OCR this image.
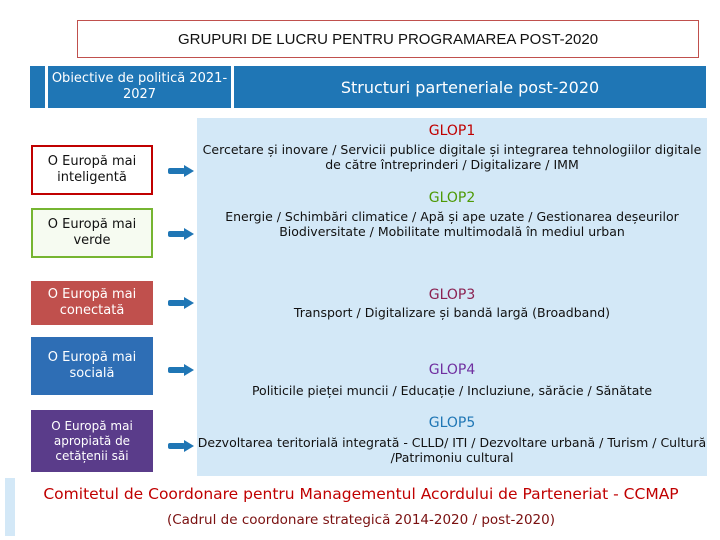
GRUPURI DE LUCRU PENTRU PROGRAMAREA POST-2020
Obiective de politică 2021-2027	Structuri parteneriale post-2020
O Europă mai inteligentă
O Europă mai verde
O Europă mai conectată
O Europă mai socială
O Europă mai apropiată de cetățenii săi
GLOP1
Cercetare și inovare / Servicii publice digitale și integrarea tehnologiilor digitale de către întreprinderi / Digitalizare / IMM
GLOP2
Energie / Schimbări climatice / Apă și ape uzate / Gestionarea deșeurilor Biodiversitate / Mobilitate multimodală în mediul urban
GLOP3
Transport / Digitalizare și bandă largă (Broadband)
GLOP4
Politicile pieței muncii / Educație / Incluziune, sărăcie / Sănătate
GLOP5
Dezvoltarea teritorială integrată - CLLD/ ITI / Dezvoltare urbană / Turism / Cultură /Patrimoniu cultural
Comitetul de Coordonare pentru Managementul Acordului de Parteneriat - CCMAP
(Cadrul de coordonare strategică 2014-2020 / post-2020)
